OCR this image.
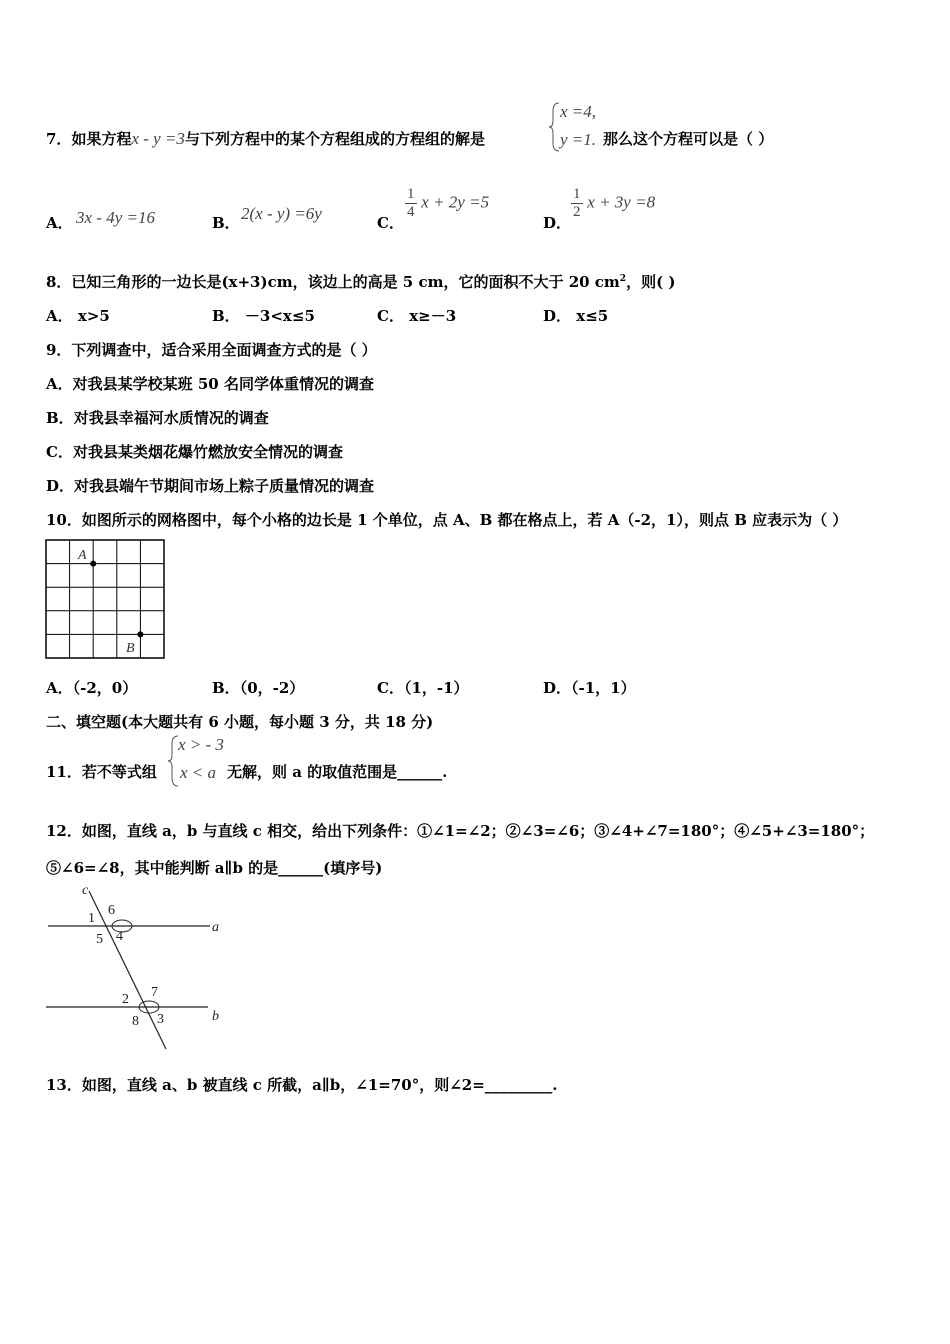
7．如果方程x - y =3与下列方程中的某个方程组成的方程组的解是
x =4,
y =1. 那么这个方程可以是（ ）
A． 3x - 4y =16	B． 2(x - y) =6y	C．
$\frac{1}{4}$ x + 2y =5
D．
$\frac{1}{2}$ x + 3y =8
8．已知三角形的一边长是(x+3)cm，该边上的高是 5 cm，它的面积不大于 20 $cm^2$，则( )
A． x>5	B． －3<x≤5	C． x≥－3	D． x≤5
9．下列调查中，适合采用全面调查方式的是（ ）
A．对我县某学校某班 50 名同学体重情况的调查
B．对我县幸福河水质情况的调查
C．对我县某类烟花爆竹燃放安全情况的调查
D．对我县端午节期间市场上粽子质量情况的调查
10．如图所示的网格图中，每个小格的边长是 1 个单位，点 A、B 都在格点上，若 A（-2，1），则点 B 应表示为（ ）
A
B
A．（-2，0）	B．（0，-2）	C．（1，-1）	D．（-1，1）
二、填空题(本大题共有 6 小题，每小题 3 分，共 18 分)
11．若不等式组
x > - 3
x < a 无解，则 a 的取值范围是______.
12．如图，直线 a，b 与直线 c 相交，给出下列条件：①∠1=∠2；②∠3=∠6；③∠4+∠7=180°；④∠5+∠3=180°；
⑤∠6=∠8，其中能判断 a∥b 的是______(填序号)
c
a
b
1
6
5 4
2 7
8 3
13．如图，直线 a、b 被直线 c 所截，a∥b，∠1=70°，则∠2=_________.
